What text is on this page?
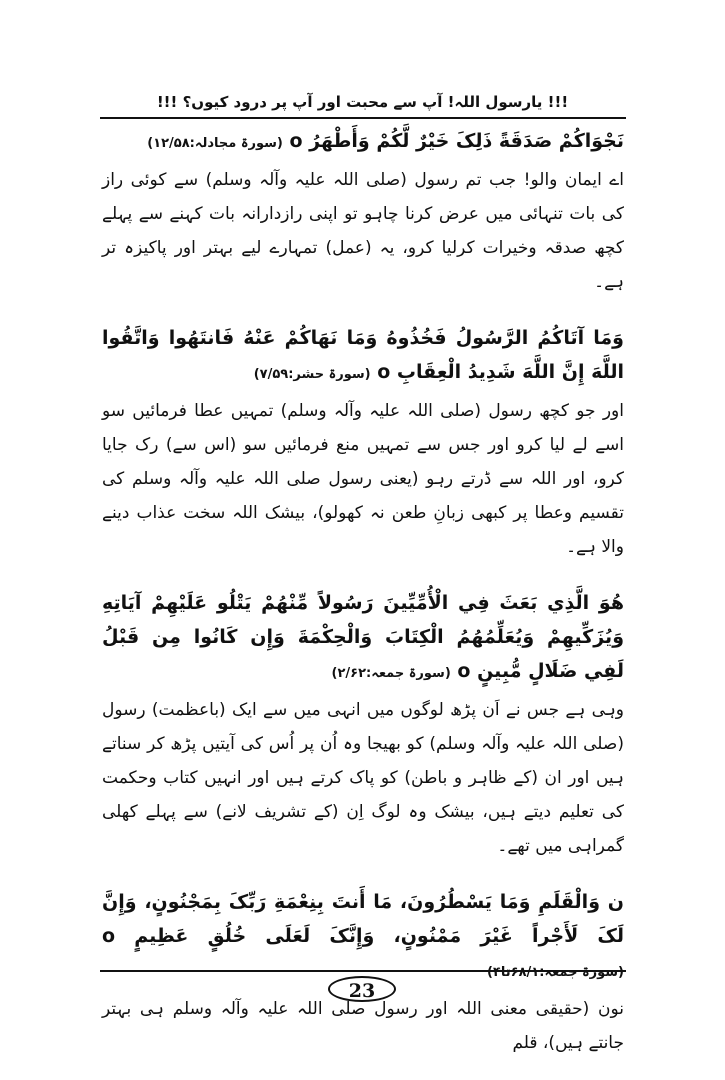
!!! یارسول اللہ! آپ سے محبت اور آپ پر درود کیوں؟ !!!

نَجْوَاكُمْ صَدَقَةً ذَلِکَ خَيْرٌ لَّکُمْ وَأَطْهَرُ o (سورۃ مجادلہ:۱۲/۵۸)

اے ایمان والو! جب تم رسول (صلی اللہ علیہ وآلہ وسلم) سے کوئی راز کی بات تنہائی میں عرض کرنا چاہو تو اپنی رازدارانہ بات کہنے سے پہلے کچھ صدقہ وخیرات کرلیا کرو، یہ (عمل) تمہارے لیے بہتر اور پاکیزہ تر ہے۔

وَمَا آتَاكُمُ الرَّسُولُ فَخُذُوهُ وَمَا نَهَاكُمْ عَنْهُ فَانتَهُوا وَاتَّقُوا اللَّهَ إِنَّ اللَّهَ شَدِيدُ الْعِقَابِ o (سورۃ حشر:۷/۵۹)

اور جو کچھ رسول (صلی اللہ علیہ وآلہ وسلم) تمہیں عطا فرمائیں سو اسے لے لیا کرو اور جس سے تمہیں منع فرمائیں سو (اس سے) رک جایا کرو، اور اللہ سے ڈرتے رہو (یعنی رسول صلی اللہ علیہ وآلہ وسلم کی تقسیم وعطا پر کبھی زبانِ طعن نہ کھولو)، بیشک اللہ سخت عذاب دینے والا ہے۔

هُوَ الَّذِي بَعَثَ فِي الْأُمِّيِّينَ رَسُولاً مِّنْهُمْ يَتْلُو عَلَيْهِمْ آيَاتِهِ وَيُزَكِّيهِمْ وَيُعَلِّمُهُمُ الْكِتَابَ وَالْحِكْمَةَ وَإِن كَانُوا مِن قَبْلُ لَفِي ضَلَالٍ مُّبِينٍ o (سورۃ جمعہ:۲/۶۲)

وہی ہے جس نے اَن پڑھ لوگوں میں انہی میں سے ایک (باعظمت) رسول (صلی اللہ علیہ وآلہ وسلم) کو بھیجا وہ اُن پر اُس کی آیتیں پڑھ کر سناتے ہیں اور ان (کے ظاہر و باطن) کو پاک کرتے ہیں اور انہیں کتاب وحکمت کی تعلیم دیتے ہیں، بیشک وہ لوگ اِن (کے تشریف لانے) سے پہلے کھلی گمراہی میں تھے۔

ن وَالْقَلَمِ وَمَا يَسْطُرُونَ، مَا أَنتَ بِنِعْمَةِ رَبِّکَ بِمَجْنُونٍ، وَإِنَّ لَکَ لَأَجْراً غَيْرَ مَمْنُونٍ، وَإِنَّکَ لَعَلَى خُلُقٍ عَظِيمٍ o (سورۃ جمعہ:۶۸/۱تا۴)

نون (حقیقی معنی اللہ اور رسول صلی اللہ علیہ وآلہ وسلم ہی بہتر جانتے ہیں)، قلم

23
